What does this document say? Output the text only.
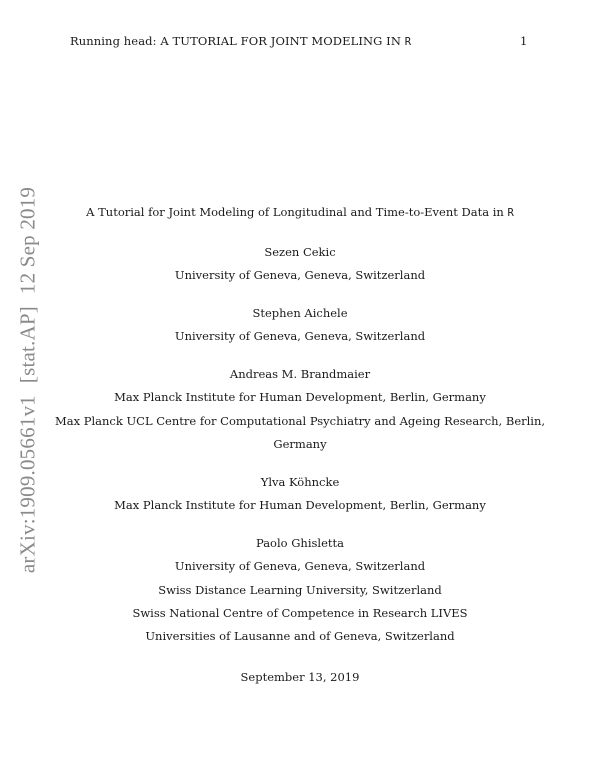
Running head: A TUTORIAL FOR JOINT MODELING IN R	1
arXiv:1909.05661v1[stat.AP]12 Sep 2019	A Tutorial for Joint Modeling of Longitudinal and Time-to-Event Data in R
Sezen Cekic
University of Geneva, Geneva, Switzerland
Stephen Aichele
University of Geneva, Geneva, Switzerland
Andreas M. Brandmaier
Max Planck Institute for Human Development, Berlin, Germany
Max Planck UCL Centre for Computational Psychiatry and Ageing Research, Berlin,
Germany
Ylva Köhncke
Max Planck Institute for Human Development, Berlin, Germany
Paolo Ghisletta
University of Geneva, Geneva, Switzerland
Swiss Distance Learning University, Switzerland
Swiss National Centre of Competence in Research LIVES
Universities of Lausanne and of Geneva, Switzerland
September 13, 2019
